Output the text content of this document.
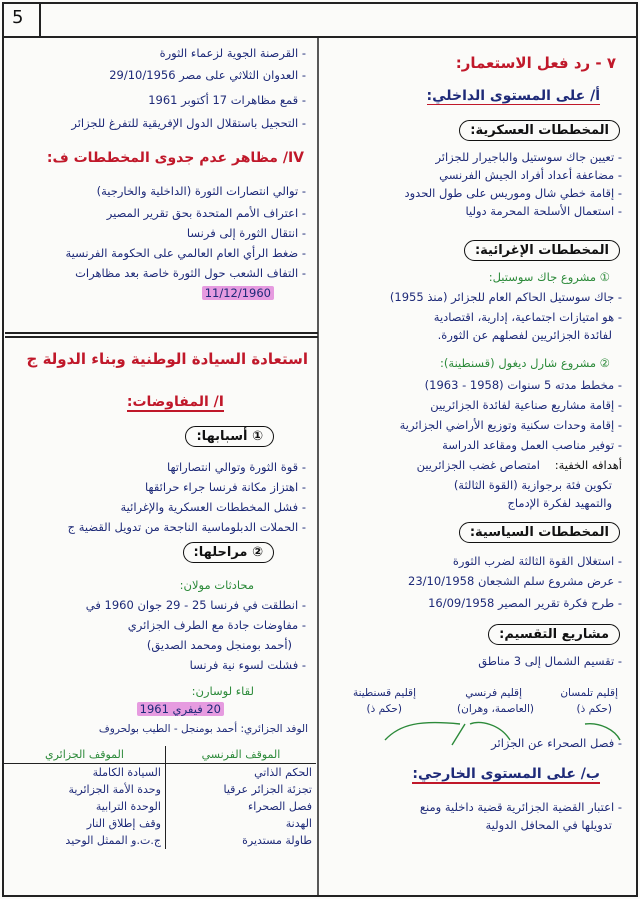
5
٧ - رد فعل الاستعمار:
أ/ على المستوى الداخلي:
المخططات العسكرية:
- تعيين جاك سوستيل والباجيرار للجزائر
- مضاعفة أعداد أفراد الجيش الفرنسي
- إقامة خطي شال وموريس على طول الحدود
- استعمال الأسلحة المحرمة دوليا
المخططات الإغرائية:
① مشروع جاك سوستيل:
- جاك سوستيل الحاكم العام للجزائر (منذ 1955)
- هو امتيازات اجتماعية، إدارية، اقتصادية
لفائدة الجزائريين لفصلهم عن الثورة.
② مشروع شارل ديغول (قسنطينة):
- مخطط مدته 5 سنوات (1958 - 1963)
- إقامة مشاريع صناعية لفائدة الجزائريين
- إقامة وحدات سكنية وتوزيع الأراضي الجزائرية
- توفير مناصب العمل ومقاعد الدراسة
أهدافه الخفية:
امتصاص غضب الجزائريين
تكوين فئة برجوازية (القوة الثالثة)
والتمهيد لفكرة الإدماج
المخططات السياسية:
- استغلال القوة الثالثة لضرب الثورة
- عرض مشروع سلم الشجعان 23/10/1958
- طرح فكرة تقرير المصير 16/09/1958
مشاريع التقسيم:
- تقسيم الشمال إلى 3 مناطق
إقليم تلمسان
(حكم ذ)
إقليم فرنسي
(العاصمة، وهران)
إقليم قسنطينة
(حكم ذ)
- فصل الصحراء عن الجزائر
ب/ على المستوى الخارجي:
- اعتبار القضية الجزائرية قضية داخلية ومنع
تدويلها في المحافل الدولية
- القرصنة الجوية لزعماء الثورة
- العدوان الثلاثي على مصر 29/10/1956
- قمع مظاهرات 17 أكتوبر 1961
- التحجيل باستقلال الدول الإفريقية للتفرغ للجزائر
IV/ مظاهر عدم جدوى المخططات ف:
- توالي انتصارات الثورة (الداخلية والخارجية)
- اعتراف الأمم المتحدة بحق تقرير المصير
- انتقال الثورة إلى فرنسا
- ضغط الرأي العام العالمي على الحكومة الفرنسية
- التفاف الشعب حول الثورة خاصة بعد مظاهرات
11/12/1960
استعادة السيادة الوطنية وبناء الدولة ج
I/ المفاوضات:
① أسبابها:
- قوة الثورة وتوالي انتصاراتها
- اهتزاز مكانة فرنسا جراء حرائقها
- فشل المخططات العسكرية والإغرائية
- الحملات الدبلوماسية الناجحة من تدويل القضية ج
② مراحلها:
محادثات مولان:
- انطلقت في فرنسا 25 - 29 جوان 1960 في
- مفاوضات جادة مع الطرف الجزائري
(أحمد بومنجل ومحمد الصديق)
- فشلت لسوء نية فرنسا
لقاء لوسارن:
20 فيفري 1961
الوفد الجزائري: أحمد بومنجل - الطيب بولحروف
الموقف الفرنسي	الموقف الجزائري
الحكم الذاتي	السيادة الكاملة
تجزئة الجزائر عرقيا	وحدة الأمة الجزائرية
فصل الصحراء	الوحدة الترابية
الهدنة	وقف إطلاق النار
طاولة مستديرة	ج.ت.و الممثل الوحيد
